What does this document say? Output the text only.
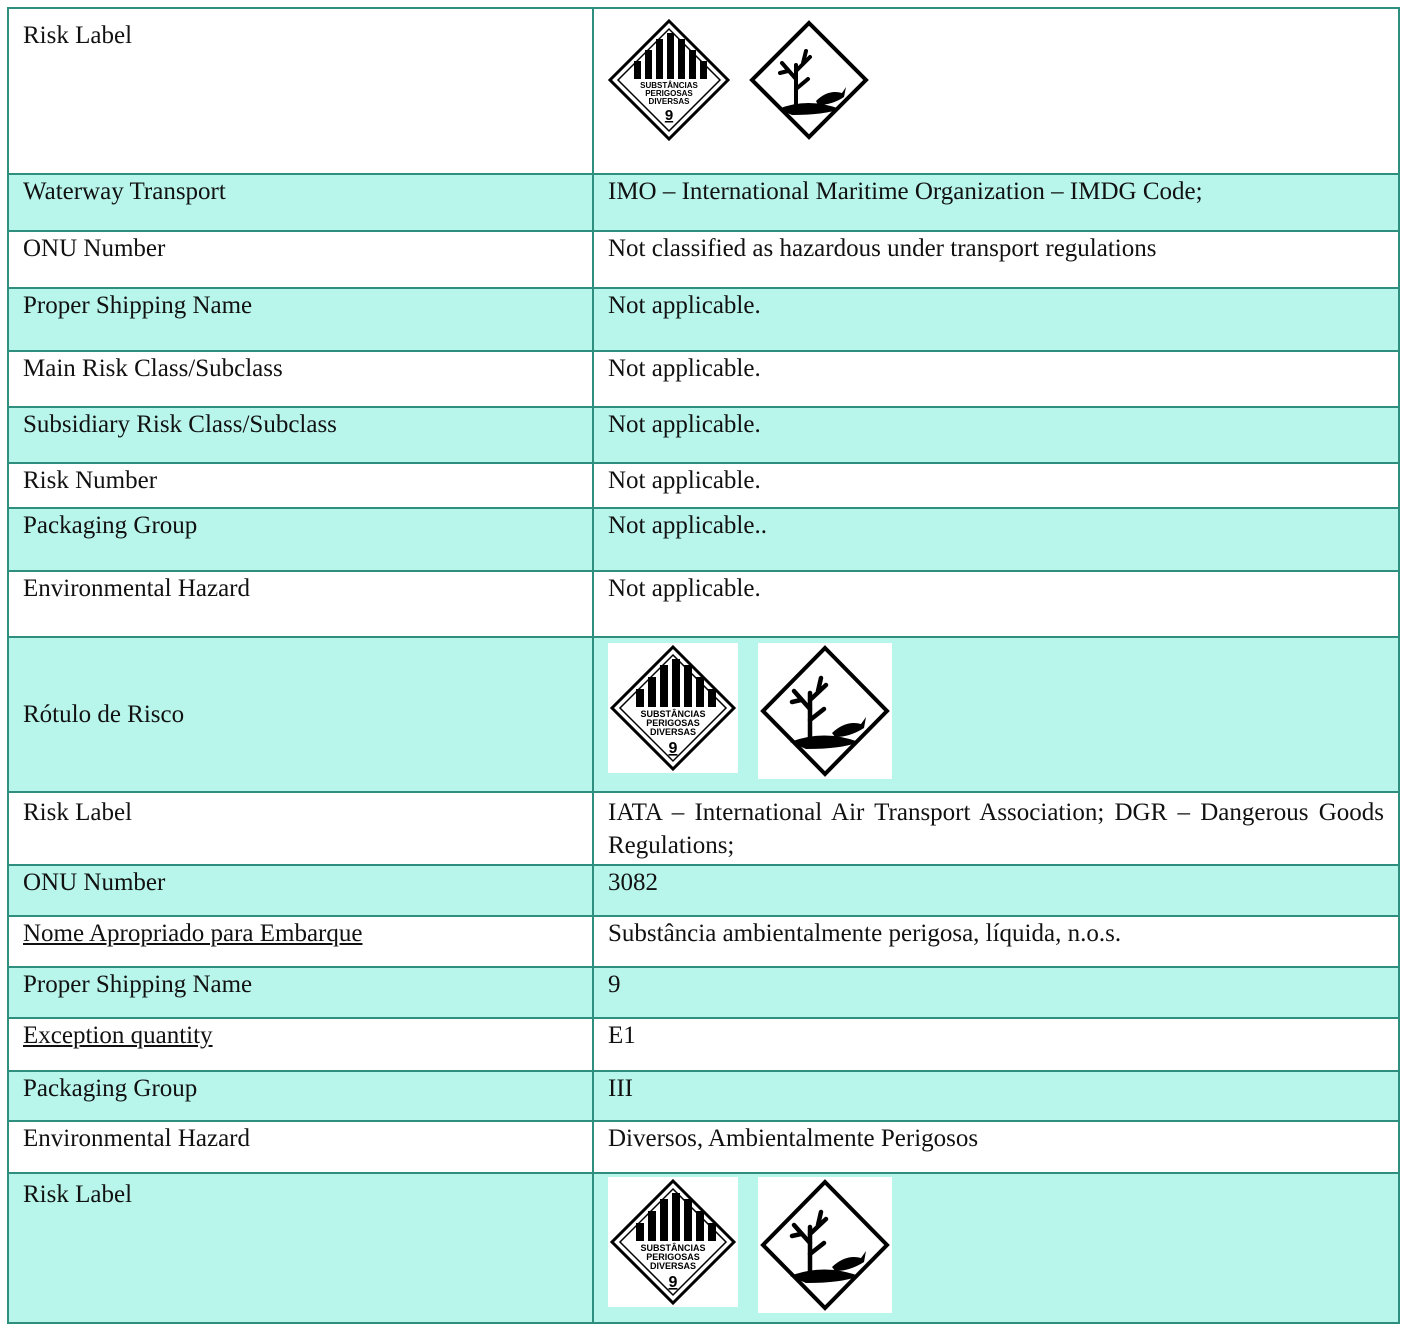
Risk Label	SUBSTÂNCIAS
PERIGOSAS
DIVERSAS
9

Waterway Transport	IMO – International Maritime Organization – IMDG Code;
ONU Number	Not classified as hazardous under transport regulations
Proper Shipping Name	Not applicable.
Main Risk Class/Subclass	Not applicable.
Subsidiary Risk Class/Subclass	Not applicable.
Risk Number	Not applicable.
Packaging Group	Not applicable..
Environmental Hazard	Not applicable.
Rótulo de Risco	SUBSTÂNCIAS
PERIGOSAS
DIVERSAS
9

Risk Label	IATA – International Air Transport Association; DGR – Dangerous Goods Regulations;
ONU Number	3082
Nome Apropriado para Embarque	Substância ambientalmente perigosa, líquida, n.o.s.
Proper Shipping Name	9
Exception quantity	E1
Packaging Group	III
Environmental Hazard	Diversos, Ambientalmente Perigosos
Risk Label	SUBSTÂNCIAS
PERIGOSAS
DIVERSAS
9
